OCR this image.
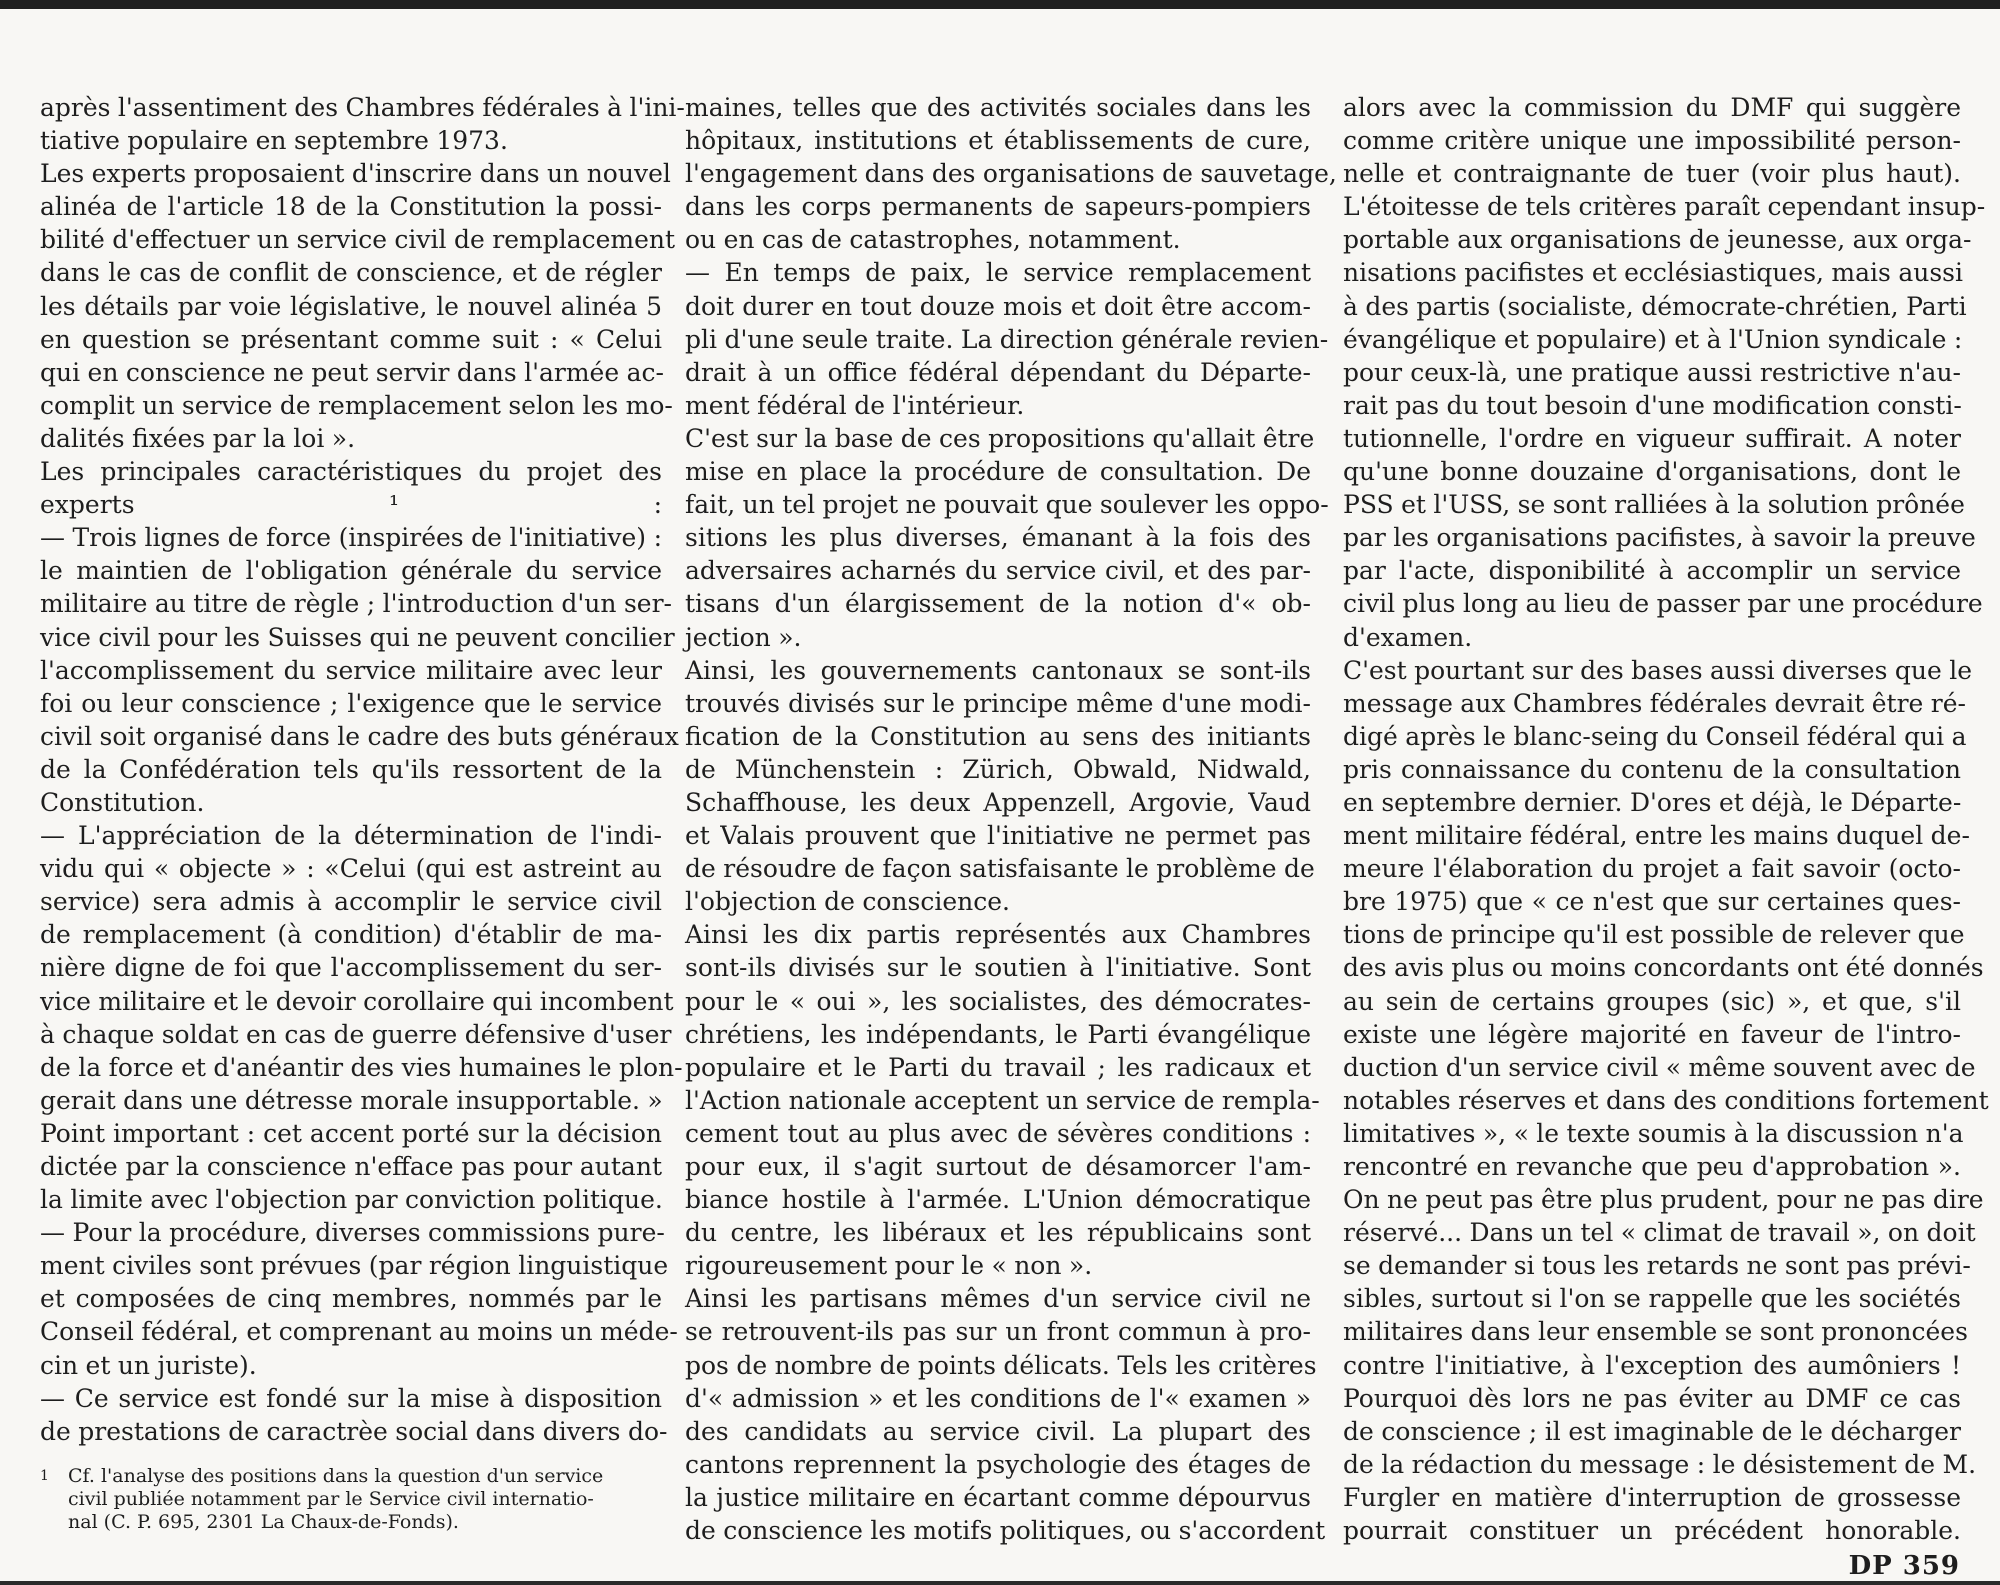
après l'assentiment des Chambres fédérales à l'ini-
tiative populaire en septembre 1973.
Les experts proposaient d'inscrire dans un nouvel
alinéa de l'article 18 de la Constitution la possi-
bilité d'effectuer un service civil de remplacement
dans le cas de conflit de conscience, et de régler
les détails par voie législative, le nouvel alinéa 5
en question se présentant comme suit : « Celui
qui en conscience ne peut servir dans l'armée ac-
complit un service de remplacement selon les mo-
dalités fixées par la loi ».
Les principales caractéristiques du projet des
experts ¹ :
— Trois lignes de force (inspirées de l'initiative) :
le maintien de l'obligation générale du service
militaire au titre de règle ; l'introduction d'un ser-
vice civil pour les Suisses qui ne peuvent concilier
l'accomplissement du service militaire avec leur
foi ou leur conscience ; l'exigence que le service
civil soit organisé dans le cadre des buts généraux
de la Confédération tels qu'ils ressortent de la
Constitution.
— L'appréciation de la détermination de l'indi-
vidu qui « objecte » : «Celui (qui est astreint au
service) sera admis à accomplir le service civil
de remplacement (à condition) d'établir de ma-
nière digne de foi que l'accomplissement du ser-
vice militaire et le devoir corollaire qui incombent
à chaque soldat en cas de guerre défensive d'user
de la force et d'anéantir des vies humaines le plon-
gerait dans une détresse morale insupportable. »
Point important : cet accent porté sur la décision
dictée par la conscience n'efface pas pour autant
la limite avec l'objection par conviction politique.
— Pour la procédure, diverses commissions pure-
ment civiles sont prévues (par région linguistique
et composées de cinq membres, nommés par le
Conseil fédéral, et comprenant au moins un méde-
cin et un juriste).
— Ce service est fondé sur la mise à disposition
de prestations de caractrèe social dans divers do-
maines, telles que des activités sociales dans les
hôpitaux, institutions et établissements de cure,
l'engagement dans des organisations de sauvetage,
dans les corps permanents de sapeurs-pompiers
ou en cas de catastrophes, notamment.
— En temps de paix, le service remplacement
doit durer en tout douze mois et doit être accom-
pli d'une seule traite. La direction générale revien-
drait à un office fédéral dépendant du Départe-
ment fédéral de l'intérieur.
C'est sur la base de ces propositions qu'allait être
mise en place la procédure de consultation. De
fait, un tel projet ne pouvait que soulever les oppo-
sitions les plus diverses, émanant à la fois des
adversaires acharnés du service civil, et des par-
tisans d'un élargissement de la notion d'« ob-
jection ».
Ainsi, les gouvernements cantonaux se sont-ils
trouvés divisés sur le principe même d'une modi-
fication de la Constitution au sens des initiants
de Münchenstein : Zürich, Obwald, Nidwald,
Schaffhouse, les deux Appenzell, Argovie, Vaud
et Valais prouvent que l'initiative ne permet pas
de résoudre de façon satisfaisante le problème de
l'objection de conscience.
Ainsi les dix partis représentés aux Chambres
sont-ils divisés sur le soutien à l'initiative. Sont
pour le « oui », les socialistes, des démocrates-
chrétiens, les indépendants, le Parti évangélique
populaire et le Parti du travail ; les radicaux et
l'Action nationale acceptent un service de rempla-
cement tout au plus avec de sévères conditions :
pour eux, il s'agit surtout de désamorcer l'am-
biance hostile à l'armée. L'Union démocratique
du centre, les libéraux et les républicains sont
rigoureusement pour le « non ».
Ainsi les partisans mêmes d'un service civil ne
se retrouvent-ils pas sur un front commun à pro-
pos de nombre de points délicats. Tels les critères
d'« admission » et les conditions de l'« examen »
des candidats au service civil. La plupart des
cantons reprennent la psychologie des étages de
la justice militaire en écartant comme dépourvus
de conscience les motifs politiques, ou s'accordent
alors avec la commission du DMF qui suggère
comme critère unique une impossibilité person-
nelle et contraignante de tuer (voir plus haut).
L'étoitesse de tels critères paraît cependant insup-
portable aux organisations de jeunesse, aux orga-
nisations pacifistes et ecclésiastiques, mais aussi
à des partis (socialiste, démocrate-chrétien, Parti
évangélique et populaire) et à l'Union syndicale :
pour ceux-là, une pratique aussi restrictive n'au-
rait pas du tout besoin d'une modification consti-
tutionnelle, l'ordre en vigueur suffirait. A noter
qu'une bonne douzaine d'organisations, dont le
PSS et l'USS, se sont ralliées à la solution prônée
par les organisations pacifistes, à savoir la preuve
par l'acte, disponibilité à accomplir un service
civil plus long au lieu de passer par une procédure
d'examen.
C'est pourtant sur des bases aussi diverses que le
message aux Chambres fédérales devrait être ré-
digé après le blanc-seing du Conseil fédéral qui a
pris connaissance du contenu de la consultation
en septembre dernier. D'ores et déjà, le Départe-
ment militaire fédéral, entre les mains duquel de-
meure l'élaboration du projet a fait savoir (octo-
bre 1975) que « ce n'est que sur certaines ques-
tions de principe qu'il est possible de relever que
des avis plus ou moins concordants ont été donnés
au sein de certains groupes (sic) », et que, s'il
existe une légère majorité en faveur de l'intro-
duction d'un service civil « même souvent avec de
notables réserves et dans des conditions fortement
limitatives », « le texte soumis à la discussion n'a
rencontré en revanche que peu d'approbation ».
On ne peut pas être plus prudent, pour ne pas dire
réservé... Dans un tel « climat de travail », on doit
se demander si tous les retards ne sont pas prévi-
sibles, surtout si l'on se rappelle que les sociétés
militaires dans leur ensemble se sont prononcées
contre l'initiative, à l'exception des aumôniers !
Pourquoi dès lors ne pas éviter au DMF ce cas
de conscience ; il est imaginable de le décharger
de la rédaction du message : le désistement de M.
Furgler en matière d'interruption de grossesse
pourrait constituer un précédent honorable.
1	Cf. l'analyse des positions dans la question d'un service
civil publiée notamment par le Service civil internatio-
nal (C. P. 695, 2301 La Chaux-de-Fonds).
DP 359
